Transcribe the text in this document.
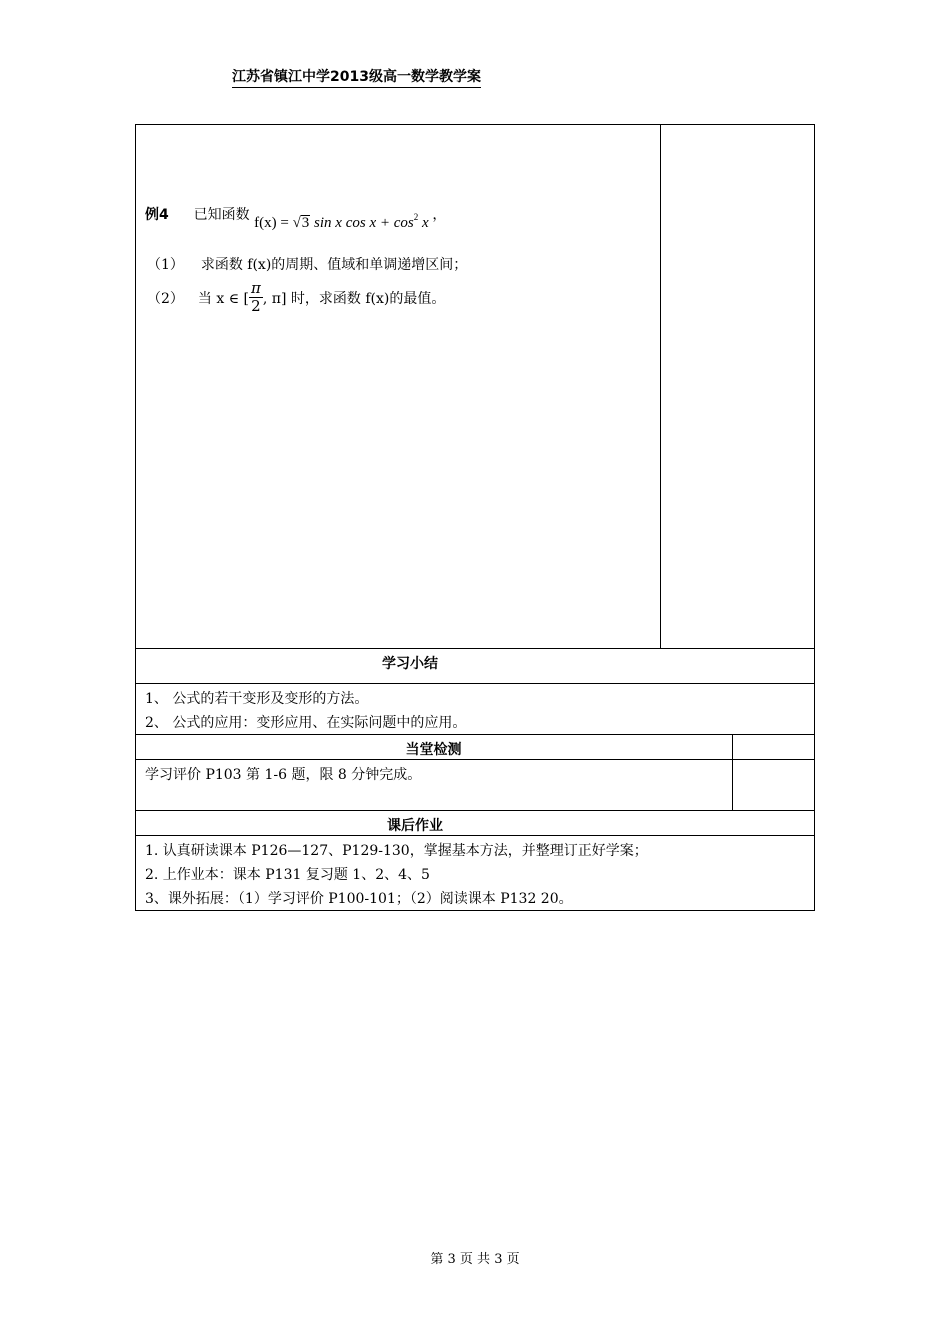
江苏省镇江中学2013级高一数学教学案
例4 已知函数 f(x) = √3 sin x $\cos x + \cos^2 x$ ，
（1） 求函数 f(x)的周期、值域和单调递增区间；
（2） 当 x ∈ [ $\frac{\pi}{2}$ , π] 时，求函数 f(x)的最值。
学习小结
1、 公式的若干变形及变形的方法。
2、 公式的应用：变形应用、在实际问题中的应用。
当堂检测
学习评价 P103 第 1-6 题，限 8 分钟完成。
课后作业
1. 认真研读课本 P126—127、P129-130，掌握基本方法，并整理订正好学案；
2. 上作业本：课本 P131 复习题 1、2、4、5
3、课外拓展：（1）学习评价 P100-101；（2）阅读课本 P132 20。
第 3 页 共 3 页
